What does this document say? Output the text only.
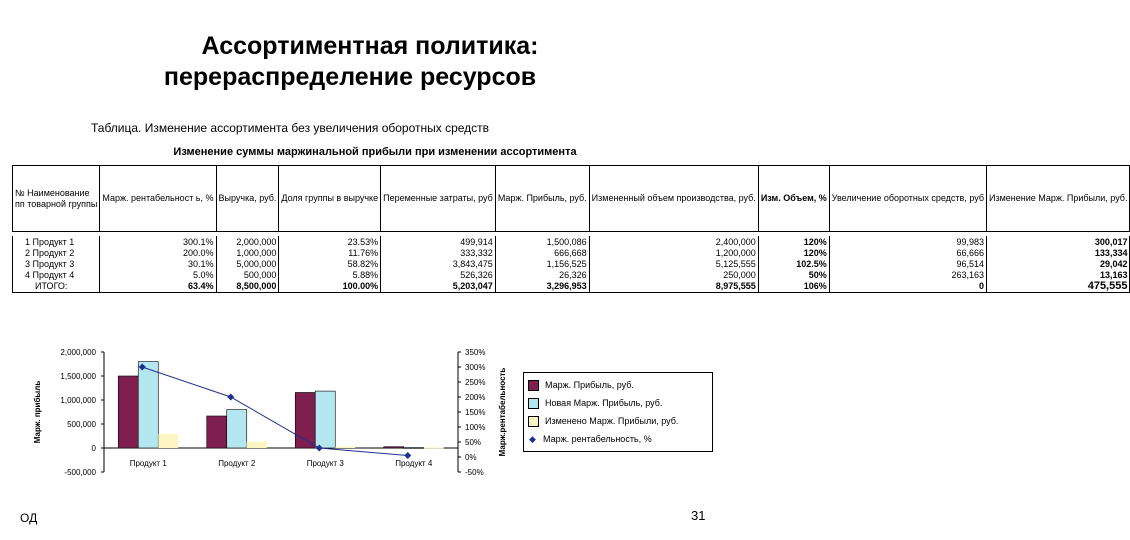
Ассортиментная политика:
перераспределение ресурсов
Таблица. Изменение ассортимента без увеличения оборотных средств
Изменение суммы маржинальной прибыли при изменении ассортимента
№ Наименование
пп товарной группы	Марж. рентабельност ь, %	Выручка, руб.	Доля группы в выручке	Переменные затраты, руб	Марж. Прибыль, руб.	Измененный объем производства, руб.	Изм. Объем, %	Увеличение оборотных средств, руб	Изменение Марж. Прибыли, руб.

1 Продукт 1	300.1%	2,000,000	23.53%	499,914	1,500,086	2,400,000	120%	99,983	300,017
2 Продукт 2	200.0%	1,000,000	11.76%	333,332	666,668	1,200,000	120%	66,666	133,334
3 Продукт 3	30.1%	5,000,000	58.82%	3,843,475	1,156,525	5,125,555	102.5%	96,514	29,042
4 Продукт 4	5.0%	500,000	5.88%	526,326	26,326	250,000	50%	263,163	13,163
ИТОГО:	63.4%	8,500,000	100.00%	5,203,047	3,296,953	8,975,555	106%	0	475,555
2,000,000
1,500,000
1,000,000
500,000
0
-500,000
350%
300%
250%
200%
150%
100%
50%
0%
-50%
Марж. прибыль	Марж.рентабельность
Продукт 1	Продукт 2	Продукт 3	Продукт 4
Марж. Прибыль, руб.
Новая Марж. Прибыль, руб.
Изменено Марж. Прибыли, руб.
◆ Марж. рентабельность, %
ОД	31
